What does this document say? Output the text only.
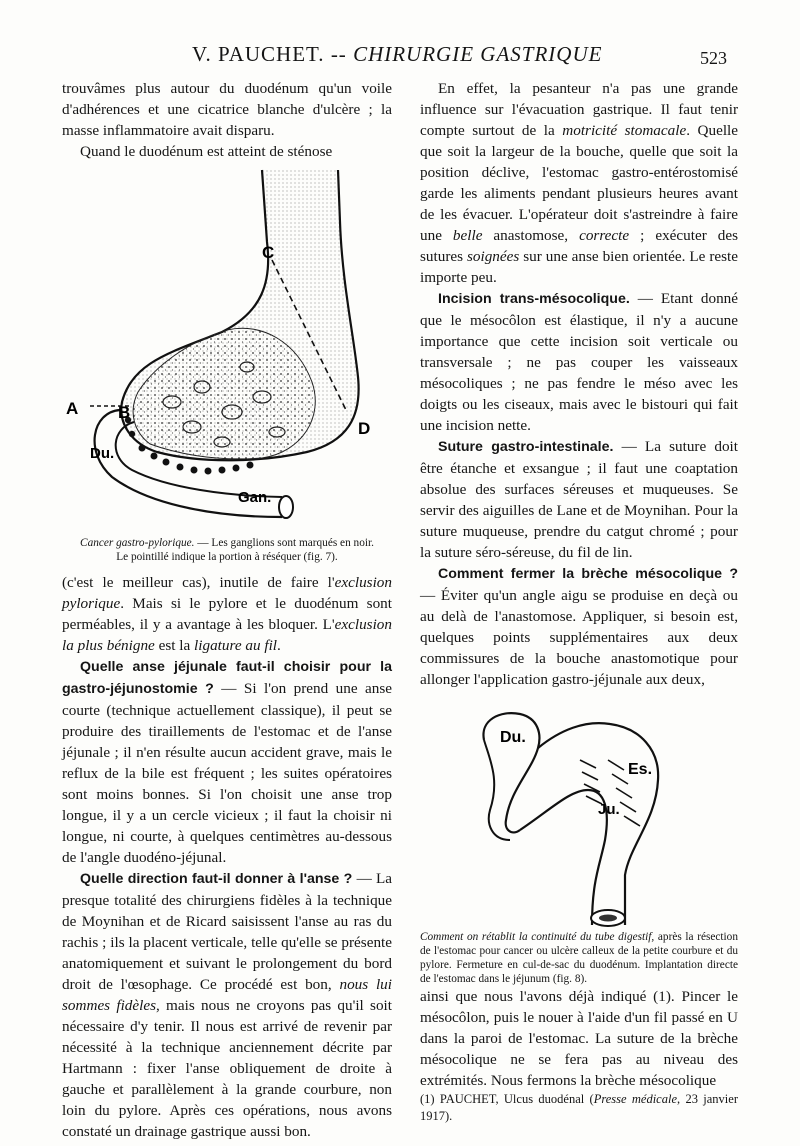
V. PAUCHET. -- CHIRURGIE GASTRIQUE	523

trouvâmes plus autour du duodénum qu'un voile d'adhérences et une cicatrice blanche d'ulcère ; la masse inflammatoire avait disparu.

Quand le duodénum est atteint de sténose

C
A B
Du.
D
Gan.

Cancer gastro-pylorique. — Les ganglions sont marqués en noir.
Le pointillé indique la portion à réséquer (fig. 7).

(c'est le meilleur cas), inutile de faire l'exclusion pylorique. Mais si le pylore et le duodénum sont perméables, il y a avantage à les bloquer. L'exclusion la plus bénigne est la ligature au fil.

Quelle anse jéjunale faut-il choisir pour la gastro-jéjunostomie ? — Si l'on prend une anse courte (technique actuellement classique), il peut se produire des tiraillements de l'estomac et de l'anse jéjunale ; il n'en résulte aucun accident grave, mais le reflux de la bile est fréquent ; les suites opératoires sont moins bonnes. Si l'on choisit une anse trop longue, il y a un cercle vicieux ; il faut la choisir ni longue, ni courte, à quelques centimètres au-dessous de l'angle duodéno-jéjunal.

Quelle direction faut-il donner à l'anse ? — La presque totalité des chirurgiens fidèles à la technique de Moynihan et de Ricard saisissent l'anse au ras du rachis ; ils la placent verticale, telle qu'elle se présente anatomiquement et suivant le prolongement du bord droit de l'œsophage. Ce procédé est bon, nous lui sommes fidèles, mais nous ne croyons pas qu'il soit nécessaire d'y tenir. Il nous est arrivé de revenir par nécessité à la technique anciennement décrite par Hartmann : fixer l'anse obliquement de droite à gauche et parallèlement à la grande courbure, non loin du pylore. Après ces opérations, nous avons constaté un drainage gastrique aussi bon.

En effet, la pesanteur n'a pas une grande influence sur l'évacuation gastrique. Il faut tenir compte surtout de la motricité stomacale. Quelle que soit la largeur de la bouche, quelle que soit la position déclive, l'estomac gastro-entérostomisé garde les aliments pendant plusieurs heures avant de les évacuer. L'opérateur doit s'astreindre à faire une belle anastomose, correcte ; exécuter des sutures soignées sur une anse bien orientée. Le reste importe peu.

Incision trans-mésocolique. — Etant donné que le mésocôlon est élastique, il n'y a aucune importance que cette incision soit verticale ou transversale ; ne pas couper les vaisseaux mésocoliques ; ne pas fendre le méso avec les doigts ou les ciseaux, mais avec le bistouri qui fait une incision nette.

Suture gastro-intestinale. — La suture doit être étanche et exsangue ; il faut une coaptation absolue des surfaces séreuses et muqueuses. Se servir des aiguilles de Lane et de Moynihan. Pour la suture muqueuse, prendre du catgut chromé ; pour la suture séro-séreuse, du fil de lin.

Comment fermer la brèche mésocolique ? — Éviter qu'un angle aigu se produise en deçà ou au delà de l'anastomose. Appliquer, si besoin est, quelques points supplémentaires aux deux commissures de la bouche anastomotique pour allonger l'application gastro-jéjunale aux deux,

Du.
Es.
Ju.

Comment on rétablit la continuité du tube digestif, après la résection de l'estomac pour cancer ou ulcère calleux de la petite courbure et du pylore. Fermeture en cul-de-sac du duodénum. Implantation directe de l'estomac dans le jéjunum (fig. 8).

ainsi que nous l'avons déjà indiqué (1). Pincer le mésocôlon, puis le nouer à l'aide d'un fil passé en U dans la paroi de l'estomac. La suture de la brèche mésocolique ne se fera pas au niveau des extrémités. Nous fermons la brèche mésocolique

(1) PAUCHET, Ulcus duodénal (Presse médicale, 23 janvier 1917).
